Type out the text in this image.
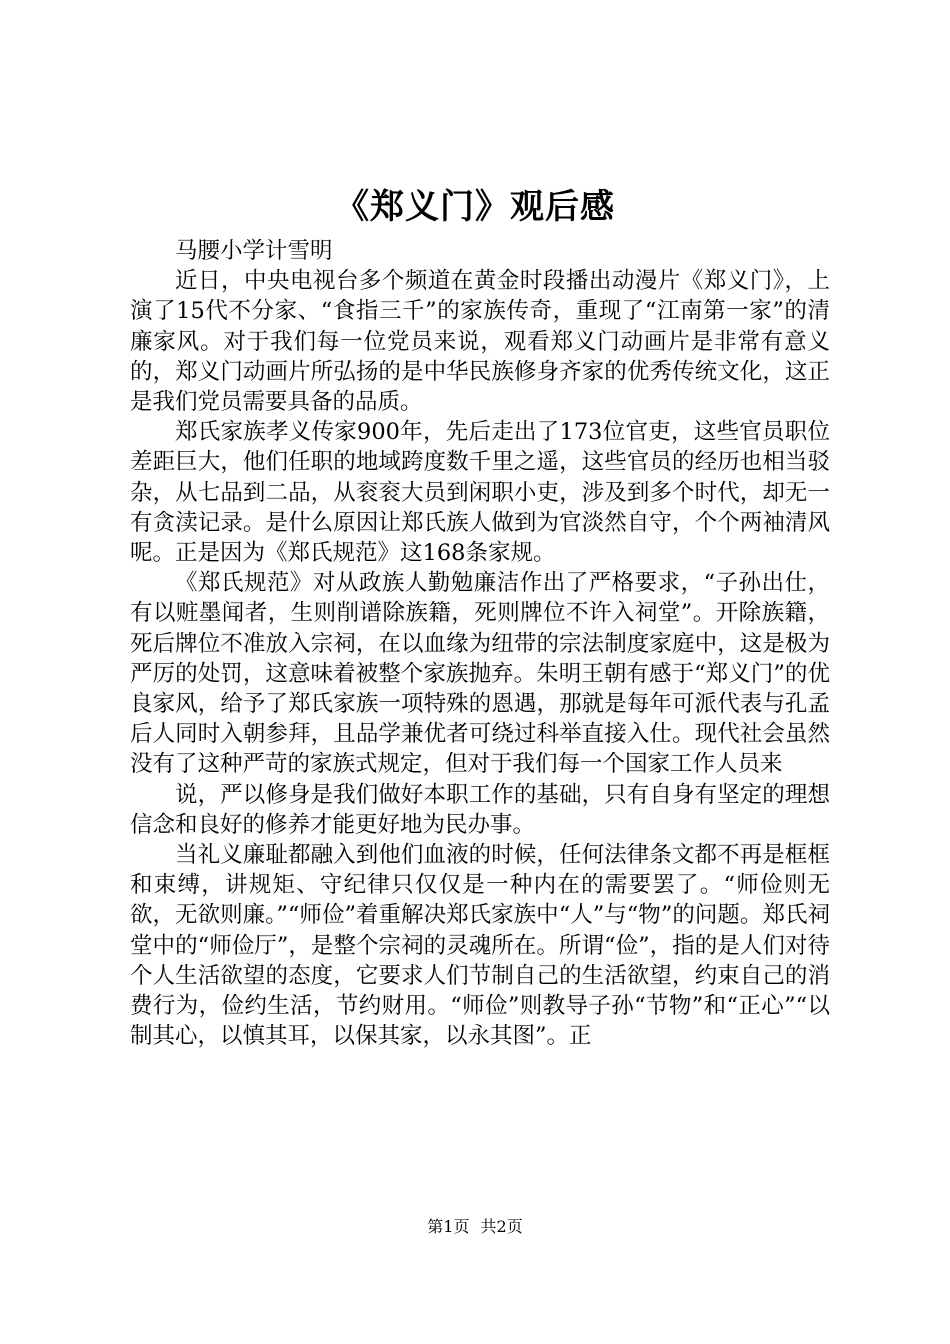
《郑义门》观后感

马腰小学计雪明

近日，中央电视台多个频道在黄金时段播出动漫片《郑义门》，上演了15代不分家、“食指三千”的家族传奇，重现了“江南第一家”的清廉家风。对于我们每一位党员来说，观看郑义门动画片是非常有意义的，郑义门动画片所弘扬的是中华民族修身齐家的优秀传统文化，这正是我们党员需要具备的品质。

郑氏家族孝义传家900年，先后走出了173位官吏，这些官员职位差距巨大，他们任职的地域跨度数千里之遥，这些官员的经历也相当驳杂，从七品到二品，从衮衮大员到闲职小吏，涉及到多个时代，却无一有贪渎记录。是什么原因让郑氏族人做到为官淡然自守，个个两袖清风呢。正是因为《郑氏规范》这168条家规。

《郑氏规范》对从政族人勤勉廉洁作出了严格要求，“子孙出仕，有以赃墨闻者，生则削谱除族籍，死则牌位不许入祠堂”。开除族籍，死后牌位不准放入宗祠，在以血缘为纽带的宗法制度家庭中，这是极为严厉的处罚，这意味着被整个家族抛弃。朱明王朝有感于“郑义门”的优良家风，给予了郑氏家族一项特殊的恩遇，那就是每年可派代表与孔孟后人同时入朝参拜，且品学兼优者可绕过科举直接入仕。现代社会虽然没有了这种严苛的家族式规定，但对于我们每一个国家工作人员来

说，严以修身是我们做好本职工作的基础，只有自身有坚定的理想信念和良好的修养才能更好地为民办事。

当礼义廉耻都融入到他们血液的时候，任何法律条文都不再是框框和束缚，讲规矩、守纪律只仅仅是一种内在的需要罢了。“师俭则无欲，无欲则廉。”“师俭”着重解决郑氏家族中“人”与“物”的问题。郑氏祠堂中的“师俭厅”，是整个宗祠的灵魂所在。所谓“俭”，指的是人们对待个人生活欲望的态度，它要求人们节制自己的生活欲望，约束自己的消费行为，俭约生活，节约财用。“师俭”则教导子孙“节物”和“正心”“以制其心，以慎其耳，以保其家，以永其图”。正

第1页 共2页
